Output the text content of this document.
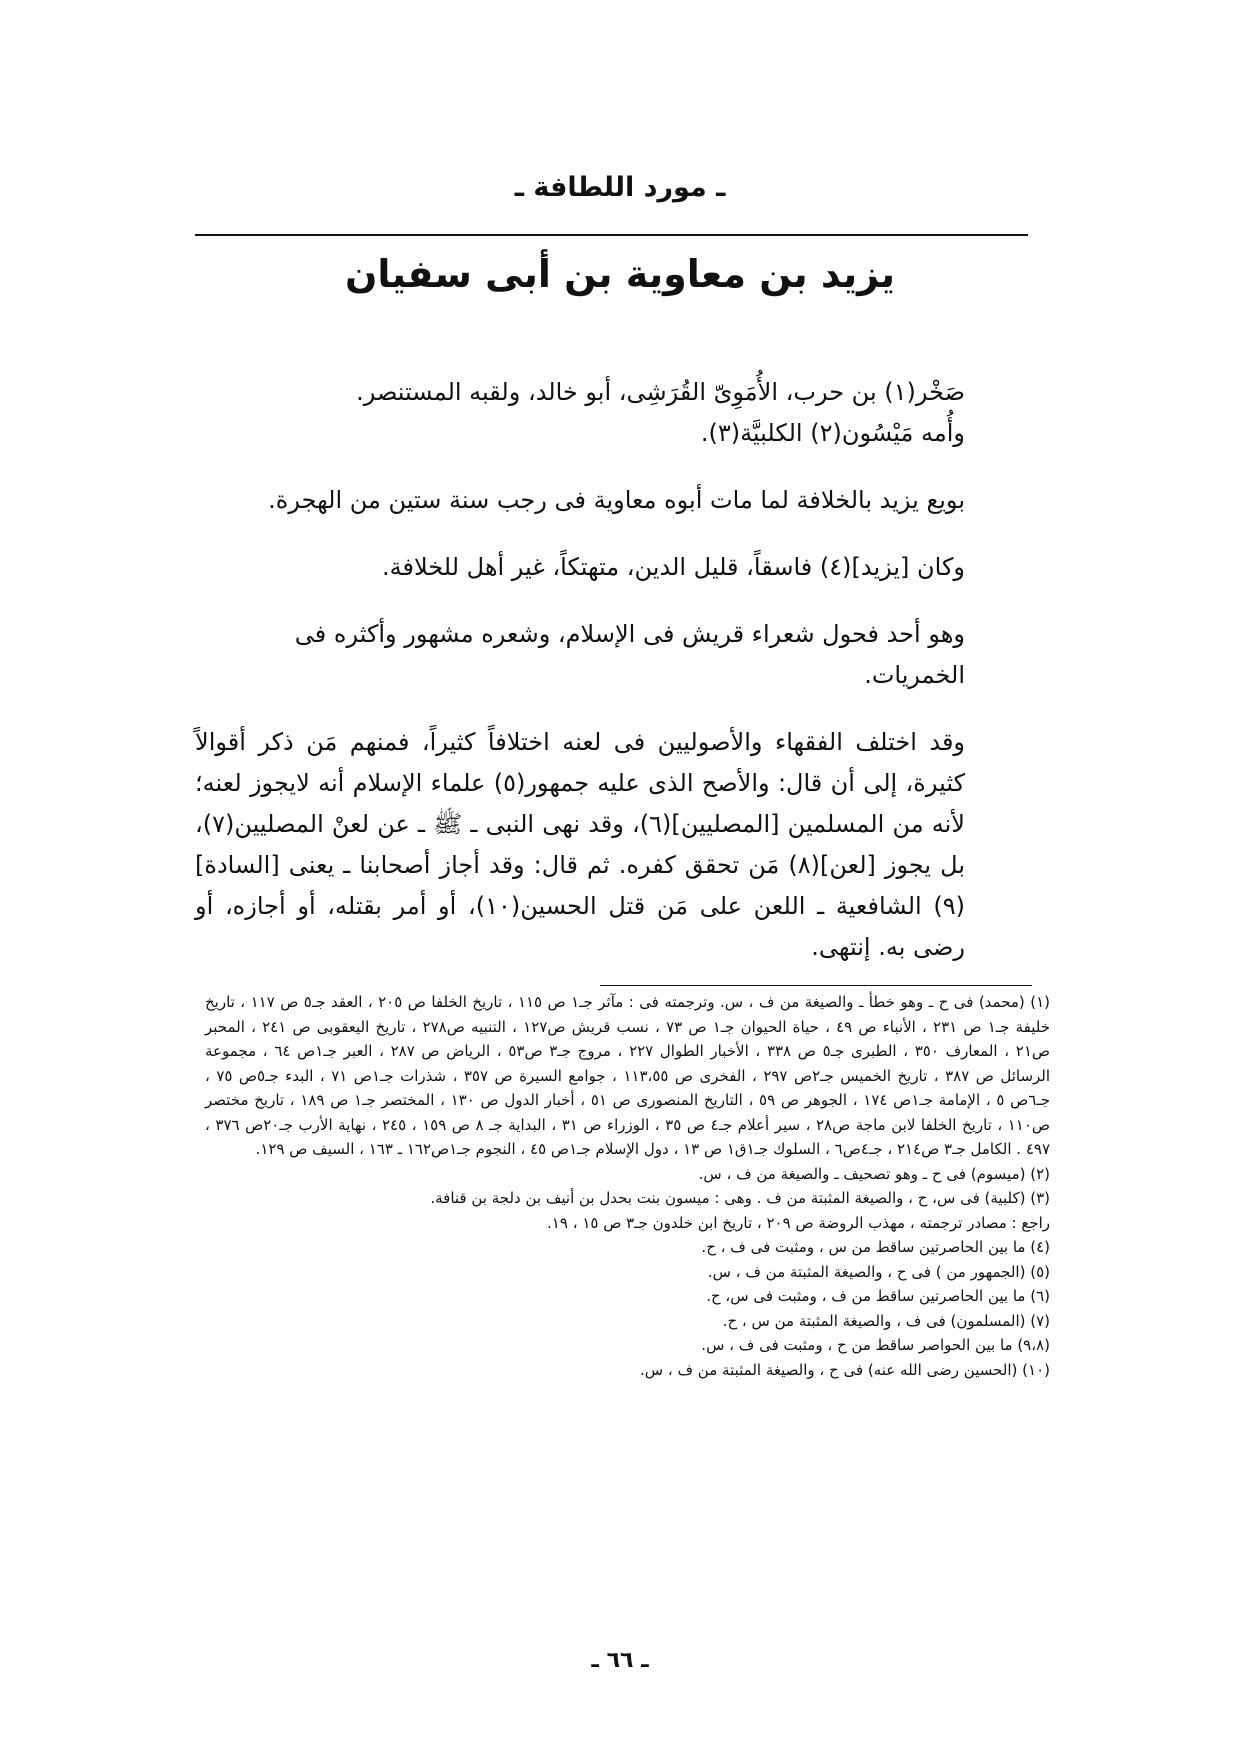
ـ مورد اللطافة ـ
يزيد بن معاوية بن أبى سفيان

صَخْر(١) بن حرب، الأُمَوِىّ القُرَشِى، أبو خالد، ولقبه المستنصر.

وأُمه مَيْسُون(٢) الكلبيَّة(٣).

بويع يزيد بالخلافة لما مات أبوه معاوية فى رجب سنة ستين من الهجرة.

وكان [يزيد](٤) فاسقاً، قليل الدين، متهتكاً، غير أهل للخلافة.

وهو أحد فحول شعراء قريش فى الإسلام، وشعره مشهور وأكثره فى الخمريات.

وقد اختلف الفقهاء والأصوليين فى لعنه اختلافاً كثيراً، فمنهم مَن ذكر أقوالاً كثيرة، إلى أن قال: والأصح الذى عليه جمهور(٥) علماء الإسلام أنه لايجوز لعنه؛ لأنه من المسلمين [المصليين](٦)، وقد نهى النبى ـ ﷺ ـ عن لعنْ المصليين(٧)، بل يجوز [لعن](٨) مَن تحقق كفره. ثم قال: وقد أجاز أصحابنا ـ يعنى [السادة](٩) الشافعية ـ اللعن على مَن قتل الحسين(١٠)، أو أمر بقتله، أو أجازه، أو رضى به. إنتهى.

(١) (محمد) فى ح ـ وهو خطأ ـ والصيغة من ف ، س. وترجمته فى : مآثر جـ١ ص ١١٥ ، تاريخ الخلفا ص ٢٠٥ ، العقد جـ٥ ص ١١٧ ، تاريخ خليفة جـ١ ص ٢٣١ ، الأنباء ص ٤٩ ، حياة الحيوان جـ١ ص ٧٣ ، نسب قريش ص١٢٧ ، التنبيه ص٢٧٨ ، تاريخ اليعقوبى ص ٢٤١ ، المحبر ص٢١ ، المعارف ٣٥٠ ، الطبرى جـ٥ ص ٣٣٨ ، الأخبار الطوال ٢٢٧ ، مروج جـ٣ ص٥٣ ، الرياض ص ٢٨٧ ، العبر جـ١ص ٦٤ ، مجموعة الرسائل ص ٣٨٧ ، تاريخ الخميس جـ٢ص ٢٩٧ ، الفخرى ص ١١٣،٥٥ ، جوامع السيرة ص ٣٥٧ ، شذرات جـ١ص ٧١ ، البدء جـ٥ص ٧٥ ، جـ٦ص ٥ ، الإمامة جـ١ص ١٧٤ ، الجوهر ص ٥٩ ، التاريخ المنصورى ص ٥١ ، أخبار الدول ص ١٣٠ ، المختصر جـ١ ص ١٨٩ ، تاريخ مختصر ص١١٠ ، تاريخ الخلفا لابن ماجة ص٢٨ ، سير أعلام جـ٤ ص ٣٥ ، الوزراء ص ٣١ ، البداية جـ ٨ ص ١٥٩ ، ٢٤٥ ، نهاية الأرب جـ٢٠ص ٣٧٦ ، ٤٩٧ . الكامل جـ٣ ص٢١٤ ، جـ٤ص٦ ، السلوك جـ١ق١ ص ١٣ ، دول الإسلام جـ١ص ٤٥ ، النجوم جـ١ص١٦٢ ـ ١٦٣ ، السيف ص ١٢٩.

(٢) (ميسوم) فى ح ـ وهو تصحيف ـ والصيغة من ف ، س.

(٣) (كلبية) فى س، ح ، والصيغة المثبتة من ف . وهى : ميسون بنت بحدل بن أنيف بن دلجة بن قنافة.

راجع : مصادر ترجمته ، مهذب الروضة ص ٢٠٩ ، تاريخ ابن خلدون جـ٣ ص ١٥ ، ١٩.

(٤) ما بين الحاصرتين ساقط من س ، ومثبت فى ف ، ح.

(٥) (الجمهور من ) فى ح ، والصيغة المثبتة من ف ، س.

(٦) ما بين الحاصرتين ساقط من ف ، ومثبت فى س، ح.

(٧) (المسلمون) فى ف ، والصيغة المثبتة من س ، ح.

(٩،٨) ما بين الحواصر ساقط من ح ، ومثبت فى ف ، س.

(١٠) (الحسين رضى الله عنه) فى ح ، والصيغة المثبتة من ف ، س.

ـ ٦٦ ـ
